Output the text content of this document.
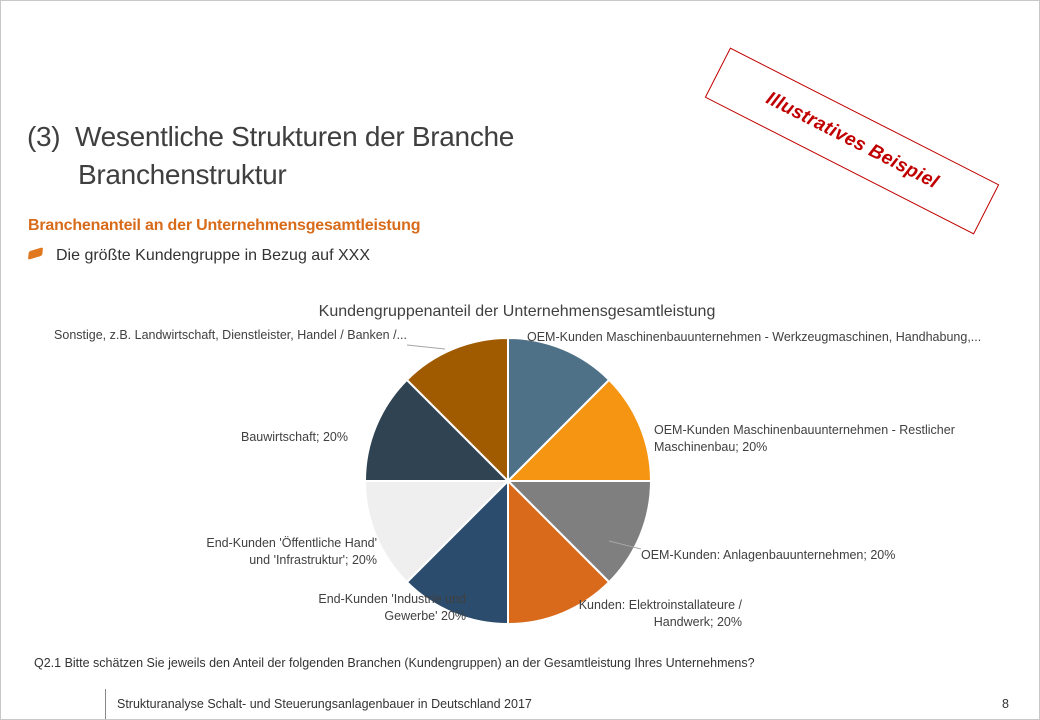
(3) Wesentliche Strukturen der Branche
Branchenstruktur
Branchenanteil an der Unternehmensgesamtleistung
Die größte Kundengruppe in Bezug auf XXX
Illustratives Beispiel
Kundengruppenanteil der Unternehmensgesamtleistung
OEM-Kunden Maschinenbauunternehmen - Werkzeugmaschinen, Handhabung,...
OEM-Kunden Maschinenbauunternehmen - Restlicher Maschinenbau; 20%
OEM-Kunden: Anlagenbauunternehmen; 20%
Kunden: Elektroinstallateure / Handwerk; 20%
End-Kunden 'Industrie und Gewerbe' 20%
End-Kunden 'Öffentliche Hand' und 'Infrastruktur'; 20%
Bauwirtschaft; 20%
Sonstige, z.B. Landwirtschaft, Dienstleister, Handel / Banken /...
Q2.1 Bitte schätzen Sie jeweils den Anteil der folgenden Branchen (Kundengruppen) an der Gesamtleistung Ihres Unternehmens?
Strukturanalyse Schalt- und Steuerungsanlagenbauer in Deutschland 2017	8
